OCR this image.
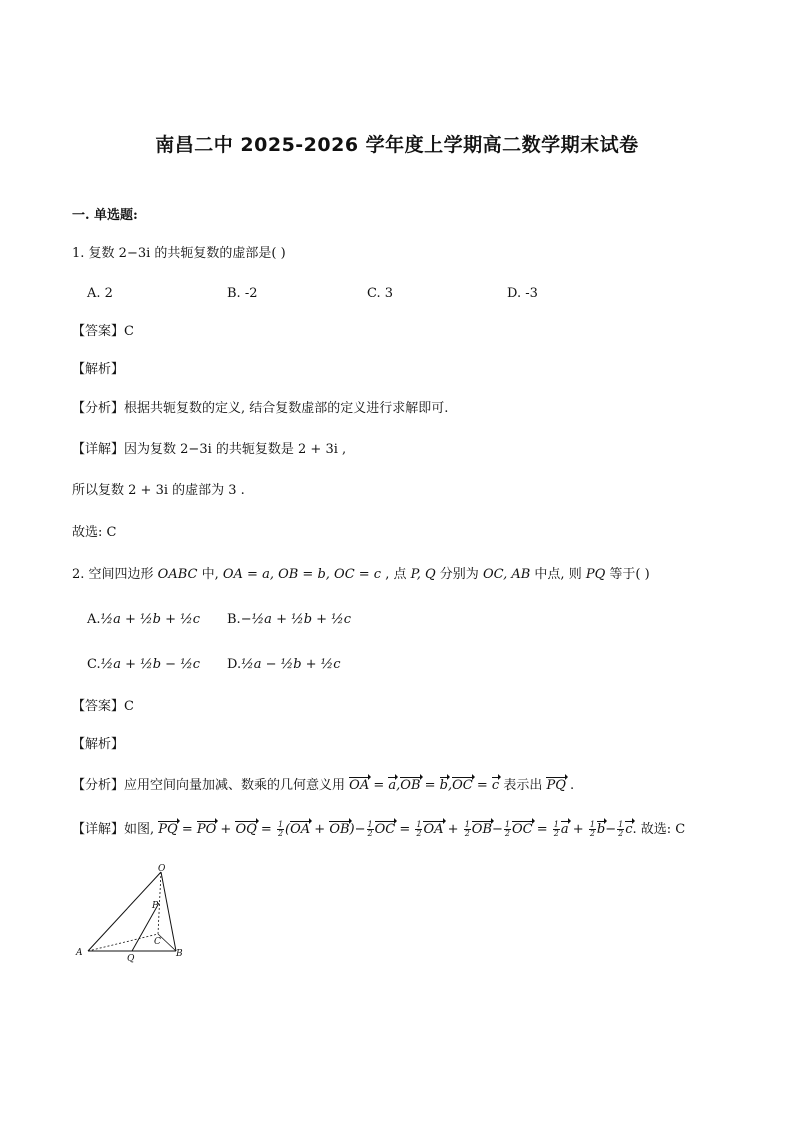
南昌二中 2025-2026 学年度上学期高二数学期末试卷
一. 单选题:
1. 复数 2−3i 的共轭复数的虚部是( )
A. 2	B. -2	C. 3	D. -3
【答案】C
【解析】
【分析】根据共轭复数的定义, 结合复数虚部的定义进行求解即可.
【详解】因为复数 2−3i 的共轭复数是 2 + 3i ,
所以复数 2 + 3i 的虚部为 3 .
故选: C
2. 空间四边形 OABC 中, OA = a, OB = b, OC = c , 点 P, Q 分别为 OC, AB 中点, 则 PQ 等于( )
A.½a + ½b + ½c B.−½a + ½b + ½c
C.½a + ½b − ½c D.½a − ½b + ½c
【答案】C
【解析】
【分析】应用空间向量加减、数乘的几何意义用 OA = a,OB = b,OC = c 表示出 PQ .
【详解】如图, PQ = PO + OQ = $\frac{1}{2} (OA + OB)- \frac{1}{2}$ OC = $\frac{1}{2}$ OA + $\frac{1}{2} OB- \frac{1}{2}$ OC = $\frac{1}{2}$ $a + \frac{1}{2} b- \frac{1}{2} c$. 故选: C
O
P
C
A
Q	B
